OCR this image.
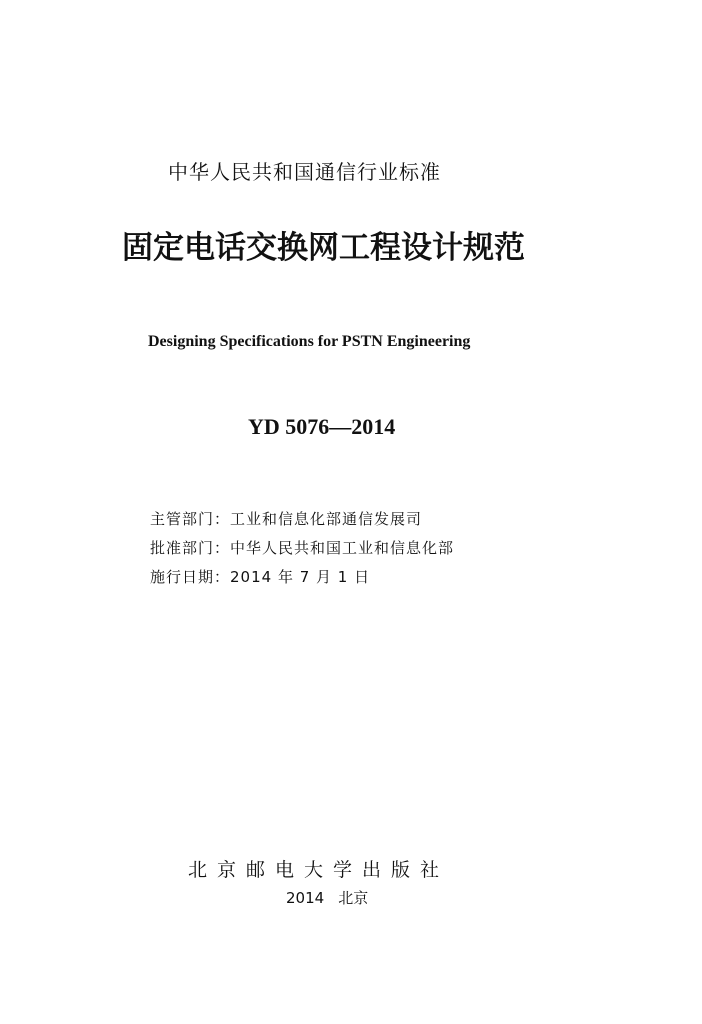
中华人民共和国通信行业标准
固定电话交换网工程设计规范
Designing Specifications for PSTN Engineering
YD 5076—2014
主管部门：工业和信息化部通信发展司
批准部门：中华人民共和国工业和信息化部
施行日期：2014 年 7 月 1 日
北京邮电大学出版社
2014 北京
